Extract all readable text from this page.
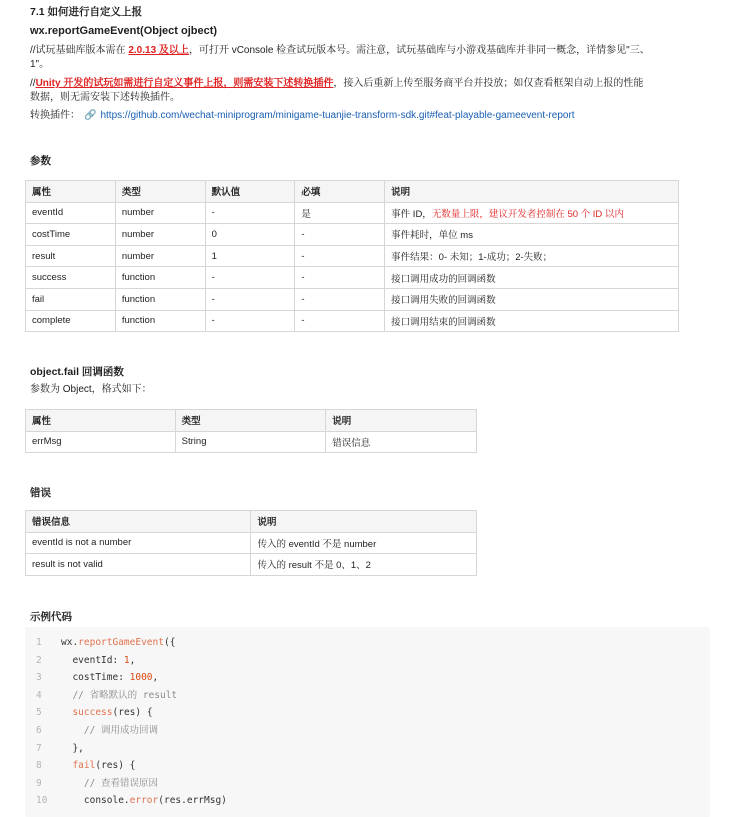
7.1 如何进行自定义上报
wx.reportGameEvent(Object ojbect)
//试玩基础库版本需在 2.0.13 及以上，可打开 vConsole 检查试玩版本号。需注意，试玩基础库与小游戏基础库并非同一概念，详情参见"三、
1"。
//Unity 开发的试玩如需进行自定义事件上报，则需安装下述转换插件，接入后重新上传至服务商平台并投放；如仅查看框架自动上报的性能
数据，则无需安装下述转换插件。
转换插件： 🔗 https://github.com/wechat-miniprogram/minigame-tuanjie-transform-sdk.git#feat-playable-gameevent-report
参数
属性	类型	默认值	必填	说明
eventId	number	-	是	事件 ID，无数量上限，建议开发者控制在 50 个 ID 以内
costTime	number	0	-	事件耗时，单位 ms
result	number	1	-	事件结果：0- 未知；1-成功；2-失败；
success	function	-	-	接口调用成功的回调函数
fail	function	-	-	接口调用失败的回调函数
complete	function	-	-	接口调用结束的回调函数
object.fail 回调函数
参数为 Object，格式如下：
属性	类型	说明
errMsg	String	错误信息
错误
错误信息	说明
eventId is not a number	传入的 eventId 不是 number
result is not valid	传入的 result 不是 0、1、2
示例代码
1	wx.reportGameEvent({
2	eventId: 1,
3	costTime: 1000,
4	// 省略默认的 result
5	success(res) {
6	// 调用成功回调
7	},
8	fail(res) {
9	// 查看错误原因
10	console.error(res.errMsg)
